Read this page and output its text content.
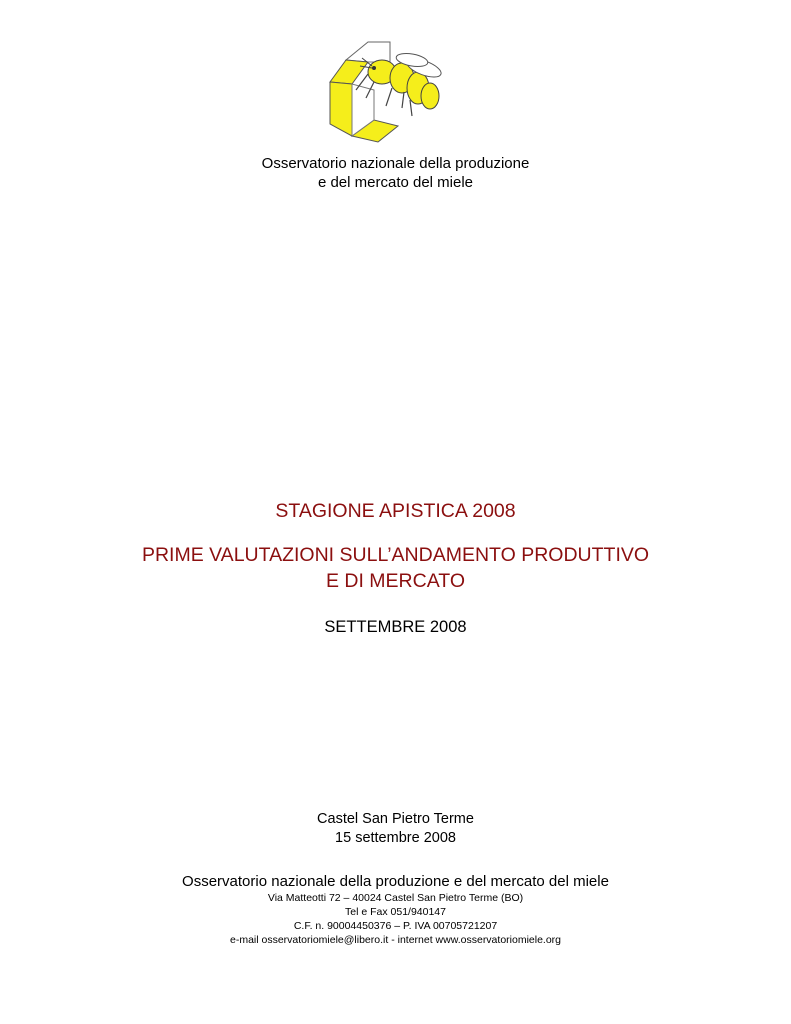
Osservatorio nazionale della produzione
e del mercato del miele
STAGIONE APISTICA 2008
PRIME VALUTAZIONI SULL’ANDAMENTO PRODUTTIVO
E DI MERCATO
SETTEMBRE 2008
Castel San Pietro Terme
15 settembre 2008
Osservatorio nazionale della produzione e del mercato del miele
Via Matteotti 72 – 40024 Castel San Pietro Terme (BO)
Tel e Fax 051/940147
C.F. n. 90004450376 – P. IVA 00705721207
e-mail osservatoriomiele@libero.it - internet www.osservatoriomiele.org
